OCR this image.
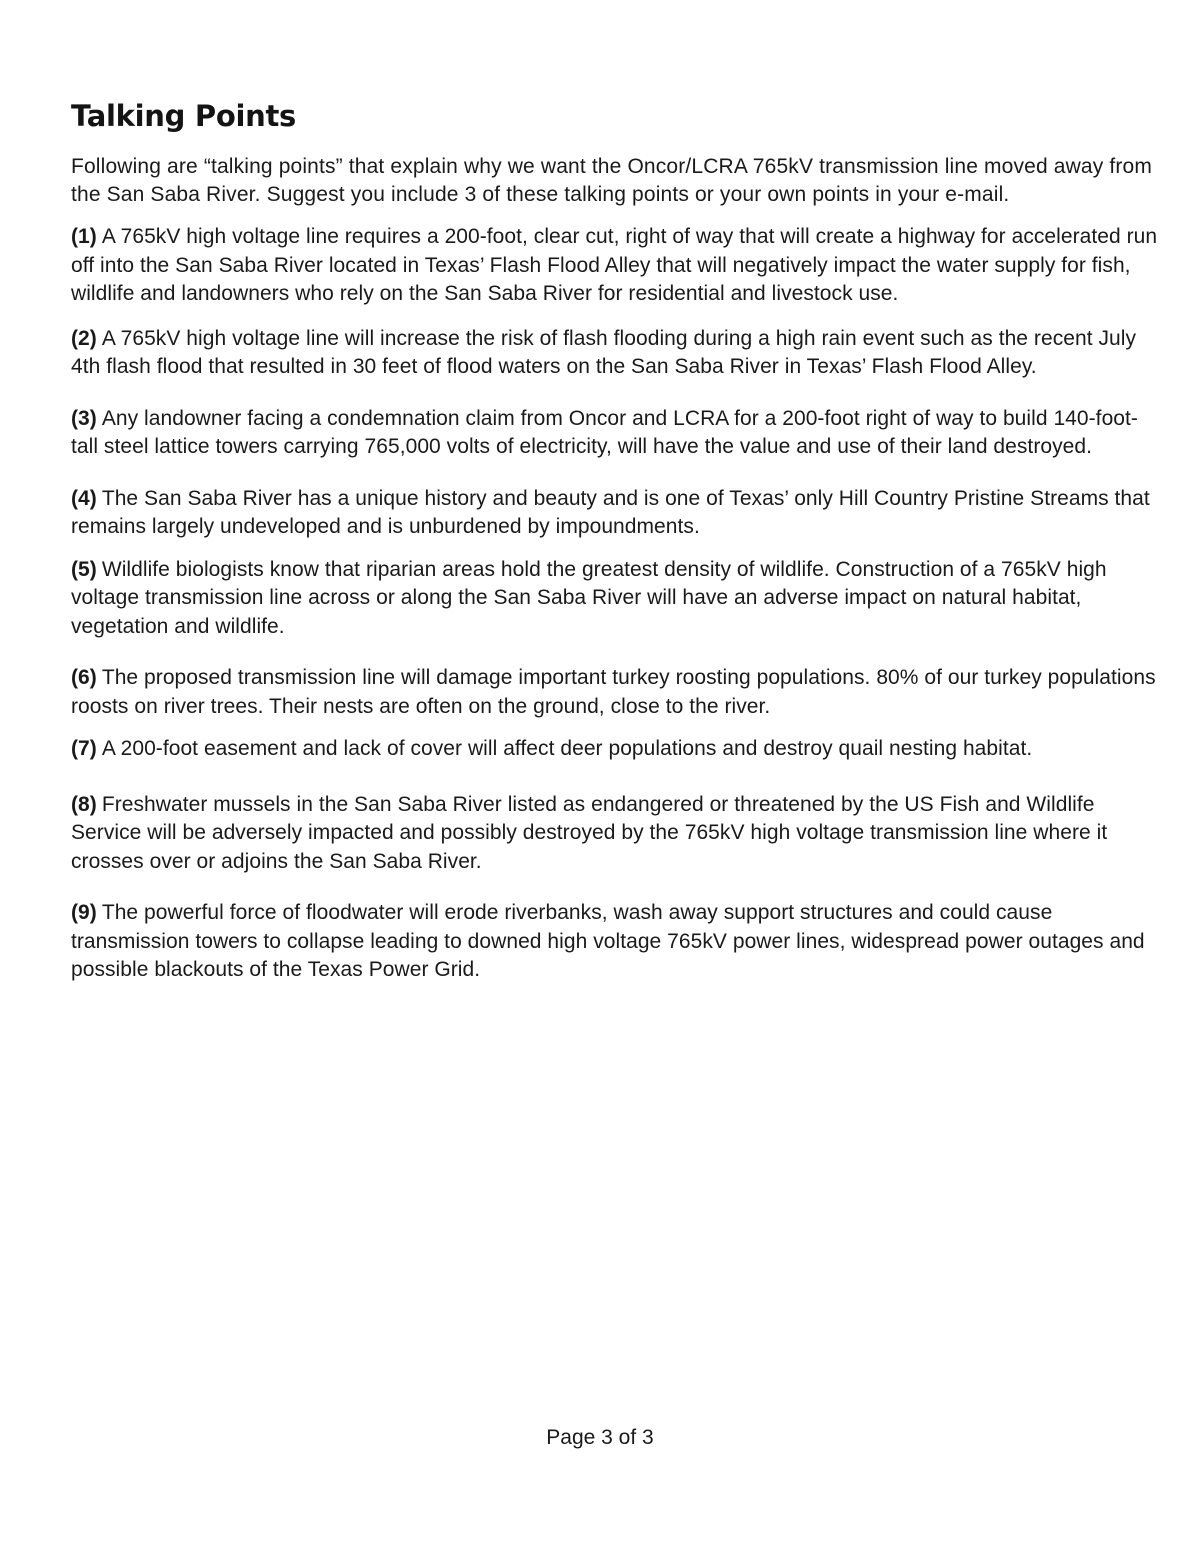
Talking Points

Following are “talking points” that explain why we want the Oncor/LCRA 765kV transmission line moved away from the San Saba River. Suggest you include 3 of these talking points or your own points in your e-mail.

(1) A 765kV high voltage line requires a 200-foot, clear cut, right of way that will create a highway for accelerated run off into the San Saba River located in Texas’ Flash Flood Alley that will negatively impact the water supply for fish, wildlife and landowners who rely on the San Saba River for residential and livestock use.
(2) A 765kV high voltage line will increase the risk of flash flooding during a high rain event such as the recent July 4th flash flood that resulted in 30 feet of flood waters on the San Saba River in Texas’ Flash Flood Alley.
(3) Any landowner facing a condemnation claim from Oncor and LCRA for a 200-foot right of way to build 140-foot-tall steel lattice towers carrying 765,000 volts of electricity, will have the value and use of their land destroyed.
(4) The San Saba River has a unique history and beauty and is one of Texas’ only Hill Country Pristine Streams that remains largely undeveloped and is unburdened by impoundments.
(5) Wildlife biologists know that riparian areas hold the greatest density of wildlife. Construction of a 765kV high voltage transmission line across or along the San Saba River will have an adverse impact on natural habitat, vegetation and wildlife.
(6) The proposed transmission line will damage important turkey roosting populations. 80% of our turkey populations roosts on river trees. Their nests are often on the ground, close to the river.
(7) A 200-foot easement and lack of cover will affect deer populations and destroy quail nesting habitat.
(8) Freshwater mussels in the San Saba River listed as endangered or threatened by the US Fish and Wildlife Service will be adversely impacted and possibly destroyed by the 765kV high voltage transmission line where it crosses over or adjoins the San Saba River.
(9) The powerful force of floodwater will erode riverbanks, wash away support structures and could cause transmission towers to collapse leading to downed high voltage 765kV power lines, widespread power outages and possible blackouts of the Texas Power Grid.
Page 3 of 3
